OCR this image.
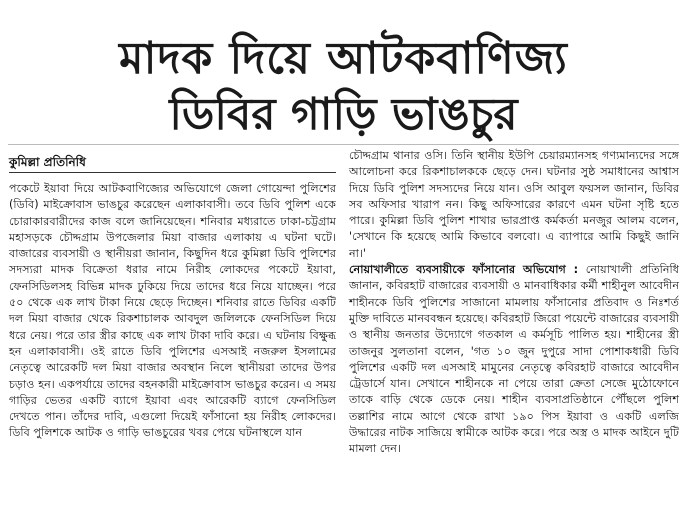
মাদক দিয়ে আটকবাণিজ্য
ডিবির গাড়ি ভাঙচুর
কুমিল্লা প্রতিনিধি

পকেটে ইয়াবা দিয়ে আটকবাণিজ্যের অভিযোগে জেলা গোয়েন্দা পুলিশের (ডিবি) মাইক্রোবাস ভাঙচুর করেছেন এলাকাবাসী। তবে ডিবি পুলিশ একে চোরাকারবারীদের কাজ বলে জানিয়েছেন। শনিবার মধ্যরাতে ঢাকা-চট্টগ্রাম মহাসড়কে চৌদ্দগ্রাম উপজেলার মিয়া বাজার এলাকায় এ ঘটনা ঘটে। বাজারের ব্যবসায়ী ও স্থানীয়রা জানান, কিছুদিন ধরে কুমিল্লা ডিবি পুলিশের সদস্যরা মাদক বিক্রেতা ধরার নামে নিরীহ লোকদের পকেটে ইয়াবা, ফেনসিডিলসহ বিভিন্ন মাদক ঢুকিয়ে দিয়ে তাদের ধরে নিয়ে যাচ্ছেন। পরে ৫০ থেকে এক লাখ টাকা নিয়ে ছেড়ে দিচ্ছেন। শনিবার রাতে ডিবির একটি দল মিয়া বাজার থেকে রিকশাচালক আবদুল জলিলকে ফেনসিডিল দিয়ে ধরে নেয়। পরে তার স্ত্রীর কাছে এক লাখ টাকা দাবি করে। এ ঘটনায় বিক্ষুব্ধ হন এলাকাবাসী। ওই রাতে ডিবি পুলিশের এসআই নজরুল ইসলামের নেতৃত্বে আরেকটি দল মিয়া বাজার অবস্থান নিলে স্থানীয়রা তাদের উপর চড়াও হন। একপর্যায়ে তাদের বহনকারী মাইক্রোবাস ভাঙচুর করেন। এ সময় গাড়ির ভেতর একটি ব্যাগে ইয়াবা এবং আরেকটি ব্যাগে ফেনসিডিল দেখতে পান। তাঁদের দাবি, এগুলো দিয়েই ফাঁসানো হয় নিরীহ লোকদের। ডিবি পুলিশকে আটক ও গাড়ি ভাঙচুরের খবর পেয়ে ঘটনাস্থলে যান

চৌদ্দগ্রাম থানার ওসি। তিনি স্থানীয় ইউপি চেয়ারম্যানসহ গণ্যমান্যদের সঙ্গে আলোচনা করে রিকশাচালককে ছেড়ে দেন। ঘটনার সুষ্ঠ সমাধানের আশ্বাস দিয়ে ডিবি পুলিশ সদস্যদের নিয়ে যান। ওসি আবুল ফয়সল জানান, ডিবির সব অফিসার খারাপ নন। কিছু অফিসারের কারণে এমন ঘটনা সৃষ্টি হতে পারে। কুমিল্লা ডিবি পুলিশ শাখার ভারপ্রাপ্ত কর্মকর্তা মনজুর আলম বলেন, 'সেখানে কি হয়েছে আমি কিভাবে বলবো। এ ব্যাপারে আমি কিছুই জানি না।'

নোয়াখালীতে ব্যবসায়ীকে ফাঁসানোর অভিযোগ : নোয়াখালী প্রতিনিধি জানান, কবিরহাট বাজারের ব্যবসায়ী ও মানবাধিকার কর্মী শাহীনুল আবেদীন শাহীনকে ডিবি পুলিশের সাজানো মামলায় ফাঁসানোর প্রতিবাদ ও নিঃশর্ত মুক্তি দাবিতে মানববন্ধন হয়েছে। কবিরহাট জিরো পয়েন্টে বাজারের ব্যবসায়ী ও স্থানীয় জনতার উদ্যোগে গতকাল এ কর্মসূচি পালিত হয়। শাহীনের স্ত্রী তাজনুর সুলতানা বলেন, 'গত ১০ জুন দুপুরে সাদা পোশাকধারী ডিবি পুলিশের একটি দল এসআই মামুনের নেতৃত্বে কবিরহাট বাজারে আবেদীন ট্রেডার্সে যান। সেখানে শাহীনকে না পেয়ে তারা ক্রেতা সেজে মুঠোফোনে তাকে বাড়ি থেকে ডেকে নেয়। শাহীন ব্যবসাপ্রতিষ্ঠানে পৌঁছলে পুলিশ তল্লাশির নামে আগে থেকে রাখা ১৯০ পিস ইয়াবা ও একটি এলজি উদ্ধারের নাটক সাজিয়ে স্বামীকে আটক করে। পরে অস্ত্র ও মাদক আইনে দুটি মামলা দেন।
